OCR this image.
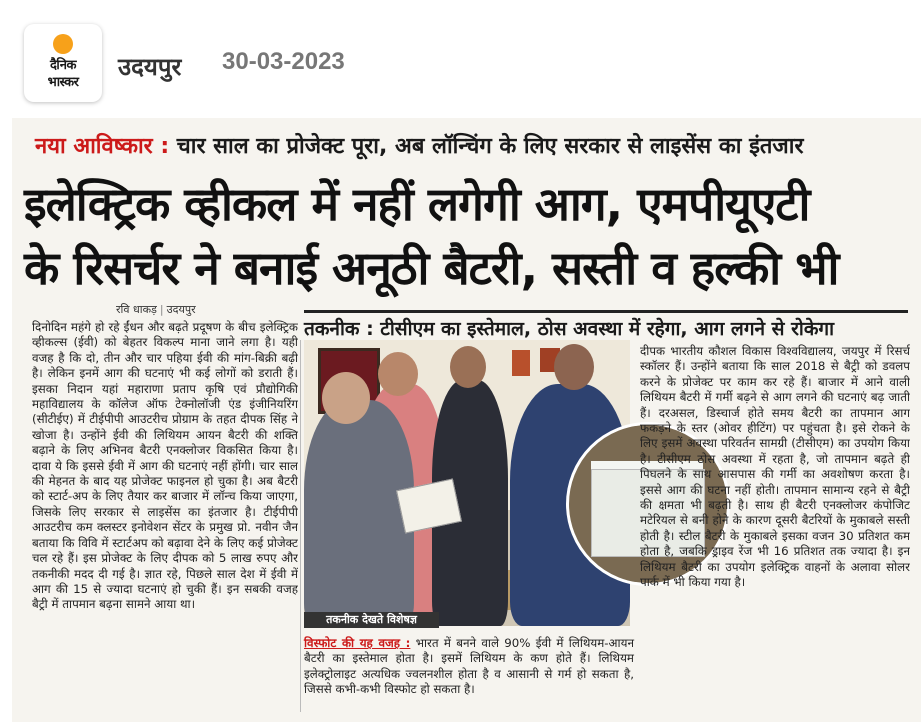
दैनिक
भास्कर
उदयपुर 30-03-2023
नया आविष्कार : चार साल का प्रोजेक्ट पूरा, अब लॉन्चिंग के लिए सरकार से लाइसेंस का इंतजार
इलेक्ट्रिक व्हीकल में नहीं लगेगी आग, एमपीयूएटी
के रिसर्चर ने बनाई अनूठी बैटरी, सस्ती व हल्की भी
रवि धाकड़ | उदयपुर
तकनीक : टीसीएम का इस्तेमाल, ठोस अवस्था में रहेगा, आग लगने से रोकेगा
दिनोदिन महंगे हो रहे ईंधन और बढ़ते प्रदूषण के बीच इलेक्ट्रिक व्हीकल्स (ईवी) को बेहतर विकल्प माना जाने लगा है। यही वजह है कि दो, तीन और चार पहिया ईवी की मांग-बिक्री बढ़ी है। लेकिन इनमें आग की घटनाएं भी कई लोगों को डराती हैं। इसका निदान यहां महाराणा प्रताप कृषि एवं प्रौद्योगिकी महाविद्यालय के कॉलेज ऑफ टेक्नोलॉजी एंड इंजीनियरिंग (सीटीईए) में टीईपीपी आउटरीच प्रोग्राम के तहत दीपक सिंह ने खोजा है। उन्होंने ईवी की लिथियम आयन बैटरी की शक्ति बढ़ाने के लिए अभिनव बैटरी एनक्लोजर विकसित किया है। दावा ये कि इससे ईवी में आग की घटनाएं नहीं होंगी। चार साल की मेहनत के बाद यह प्रोजेक्ट फाइनल हो चुका है। अब बैटरी को स्टार्ट-अप के लिए तैयार कर बाजार में लॉन्च किया जाएगा, जिसके लिए सरकार से लाइसेंस का इंतजार है। टीईपीपी आउटरीच कम क्लस्टर इनोवेशन सेंटर के प्रमुख प्रो. नवीन जैन बताया कि विवि में स्टार्टअप को बढ़ावा देने के लिए कई प्रोजेक्ट चल रहे हैं। इस प्रोजेक्ट के लिए दीपक को 5 लाख रुपए और तकनीकी मदद दी गई है। ज्ञात रहे, पिछले साल देश में ईवी में आग की 15 से ज्यादा घटनाएं हो चुकी हैं। इन सबकी वजह बैट्री में तापमान बढ़ना सामने आया था।
तकनीक देखते विशेषज्ञ
दीपक भारतीय कौशल विकास विश्वविद्यालय, जयपुर में रिसर्च स्कॉलर हैं। उन्होंने बताया कि साल 2018 से बैट्री को डवलप करने के प्रोजेक्ट पर काम कर रहे हैं। बाजार में आने वाली लिथियम बैटरी में गर्मी बढ़ने से आग लगने की घटनाएं बढ़ जाती हैं। दरअसल, डिस्चार्ज होते समय बैटरी का तापमान आग फकड़ने के स्तर (ओवर हीटिंग) पर पहुंचता है। इसे रोकने के लिए इसमें अवस्था परिवर्तन सामग्री (टीसीएम) का उपयोग किया है। टीसीएम ठोस अवस्था में रहता है, जो तापमान बढ़ते ही पिघलने के साथ आसपास की गर्मी का अवशोषण करता है। इससे आग की घटना नहीं होती। तापमान सामान्य रहने से बैट्री की क्षमता भी बढ़ती है। साथ ही बैटरी एनक्लोजर कंपोजिट मटेरियल से बनी होने के कारण दूसरी बैटरियों के मुकाबले सस्ती होती है। स्टील बैटरी के मुकाबले इसका वजन 30 प्रतिशत कम होता है, जबकि ड्राइव रेंज भी 16 प्रतिशत तक ज्यादा है। इन लिथियम बैटरी का उपयोग इलेक्ट्रिक वाहनों के अलावा सोलर पार्क में भी किया गया है।
विस्फोट की यह वजह : भारत में बनने वाले 90% ईवी में लिथियम-आयन बैटरी का इस्तेमाल होता है। इसमें लिथियम के कण होते हैं। लिथियम इलेक्ट्रोलाइट अत्यधिक ज्वलनशील होता है व आसानी से गर्म हो सकता है, जिससे कभी-कभी विस्फोट हो सकता है।
